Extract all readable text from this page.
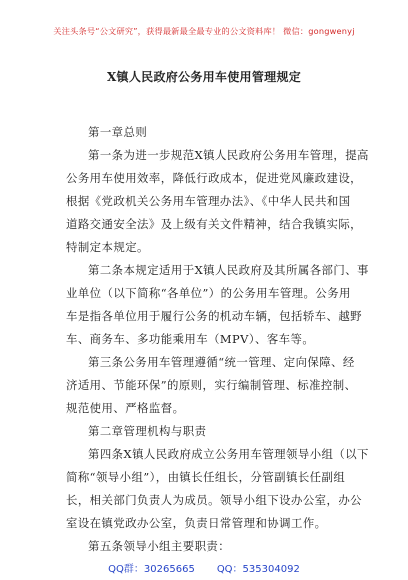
关注头条号“公文研究”，获得最新最全最专业的公文资料库！ 微信：gongwenyj
X镇人民政府公务用车使用管理规定
第一章总则
第一条为进一步规范X镇人民政府公务用车管理，提高
公务用车使用效率，降低行政成本，促进党风廉政建设，
根据《党政机关公务用车管理办法》、《中华人民共和国
道路交通安全法》及上级有关文件精神，结合我镇实际，
特制定本规定。
第二条本规定适用于X镇人民政府及其所属各部门、事
业单位（以下简称“各单位”）的公务用车管理。公务用
车是指各单位用于履行公务的机动车辆，包括轿车、越野
车、商务车、多功能乘用车（MPV）、客车等。
第三条公务用车管理遵循“统一管理、定向保障、经
济适用、节能环保”的原则，实行编制管理、标准控制、
规范使用、严格监督。
第二章管理机构与职责
第四条X镇人民政府成立公务用车管理领导小组（以下
简称“领导小组”），由镇长任组长，分管副镇长任副组
长，相关部门负责人为成员。领导小组下设办公室，办公
室设在镇党政办公室，负责日常管理和协调工作。
第五条领导小组主要职责：
QQ群：30265665 QQ：535304092
